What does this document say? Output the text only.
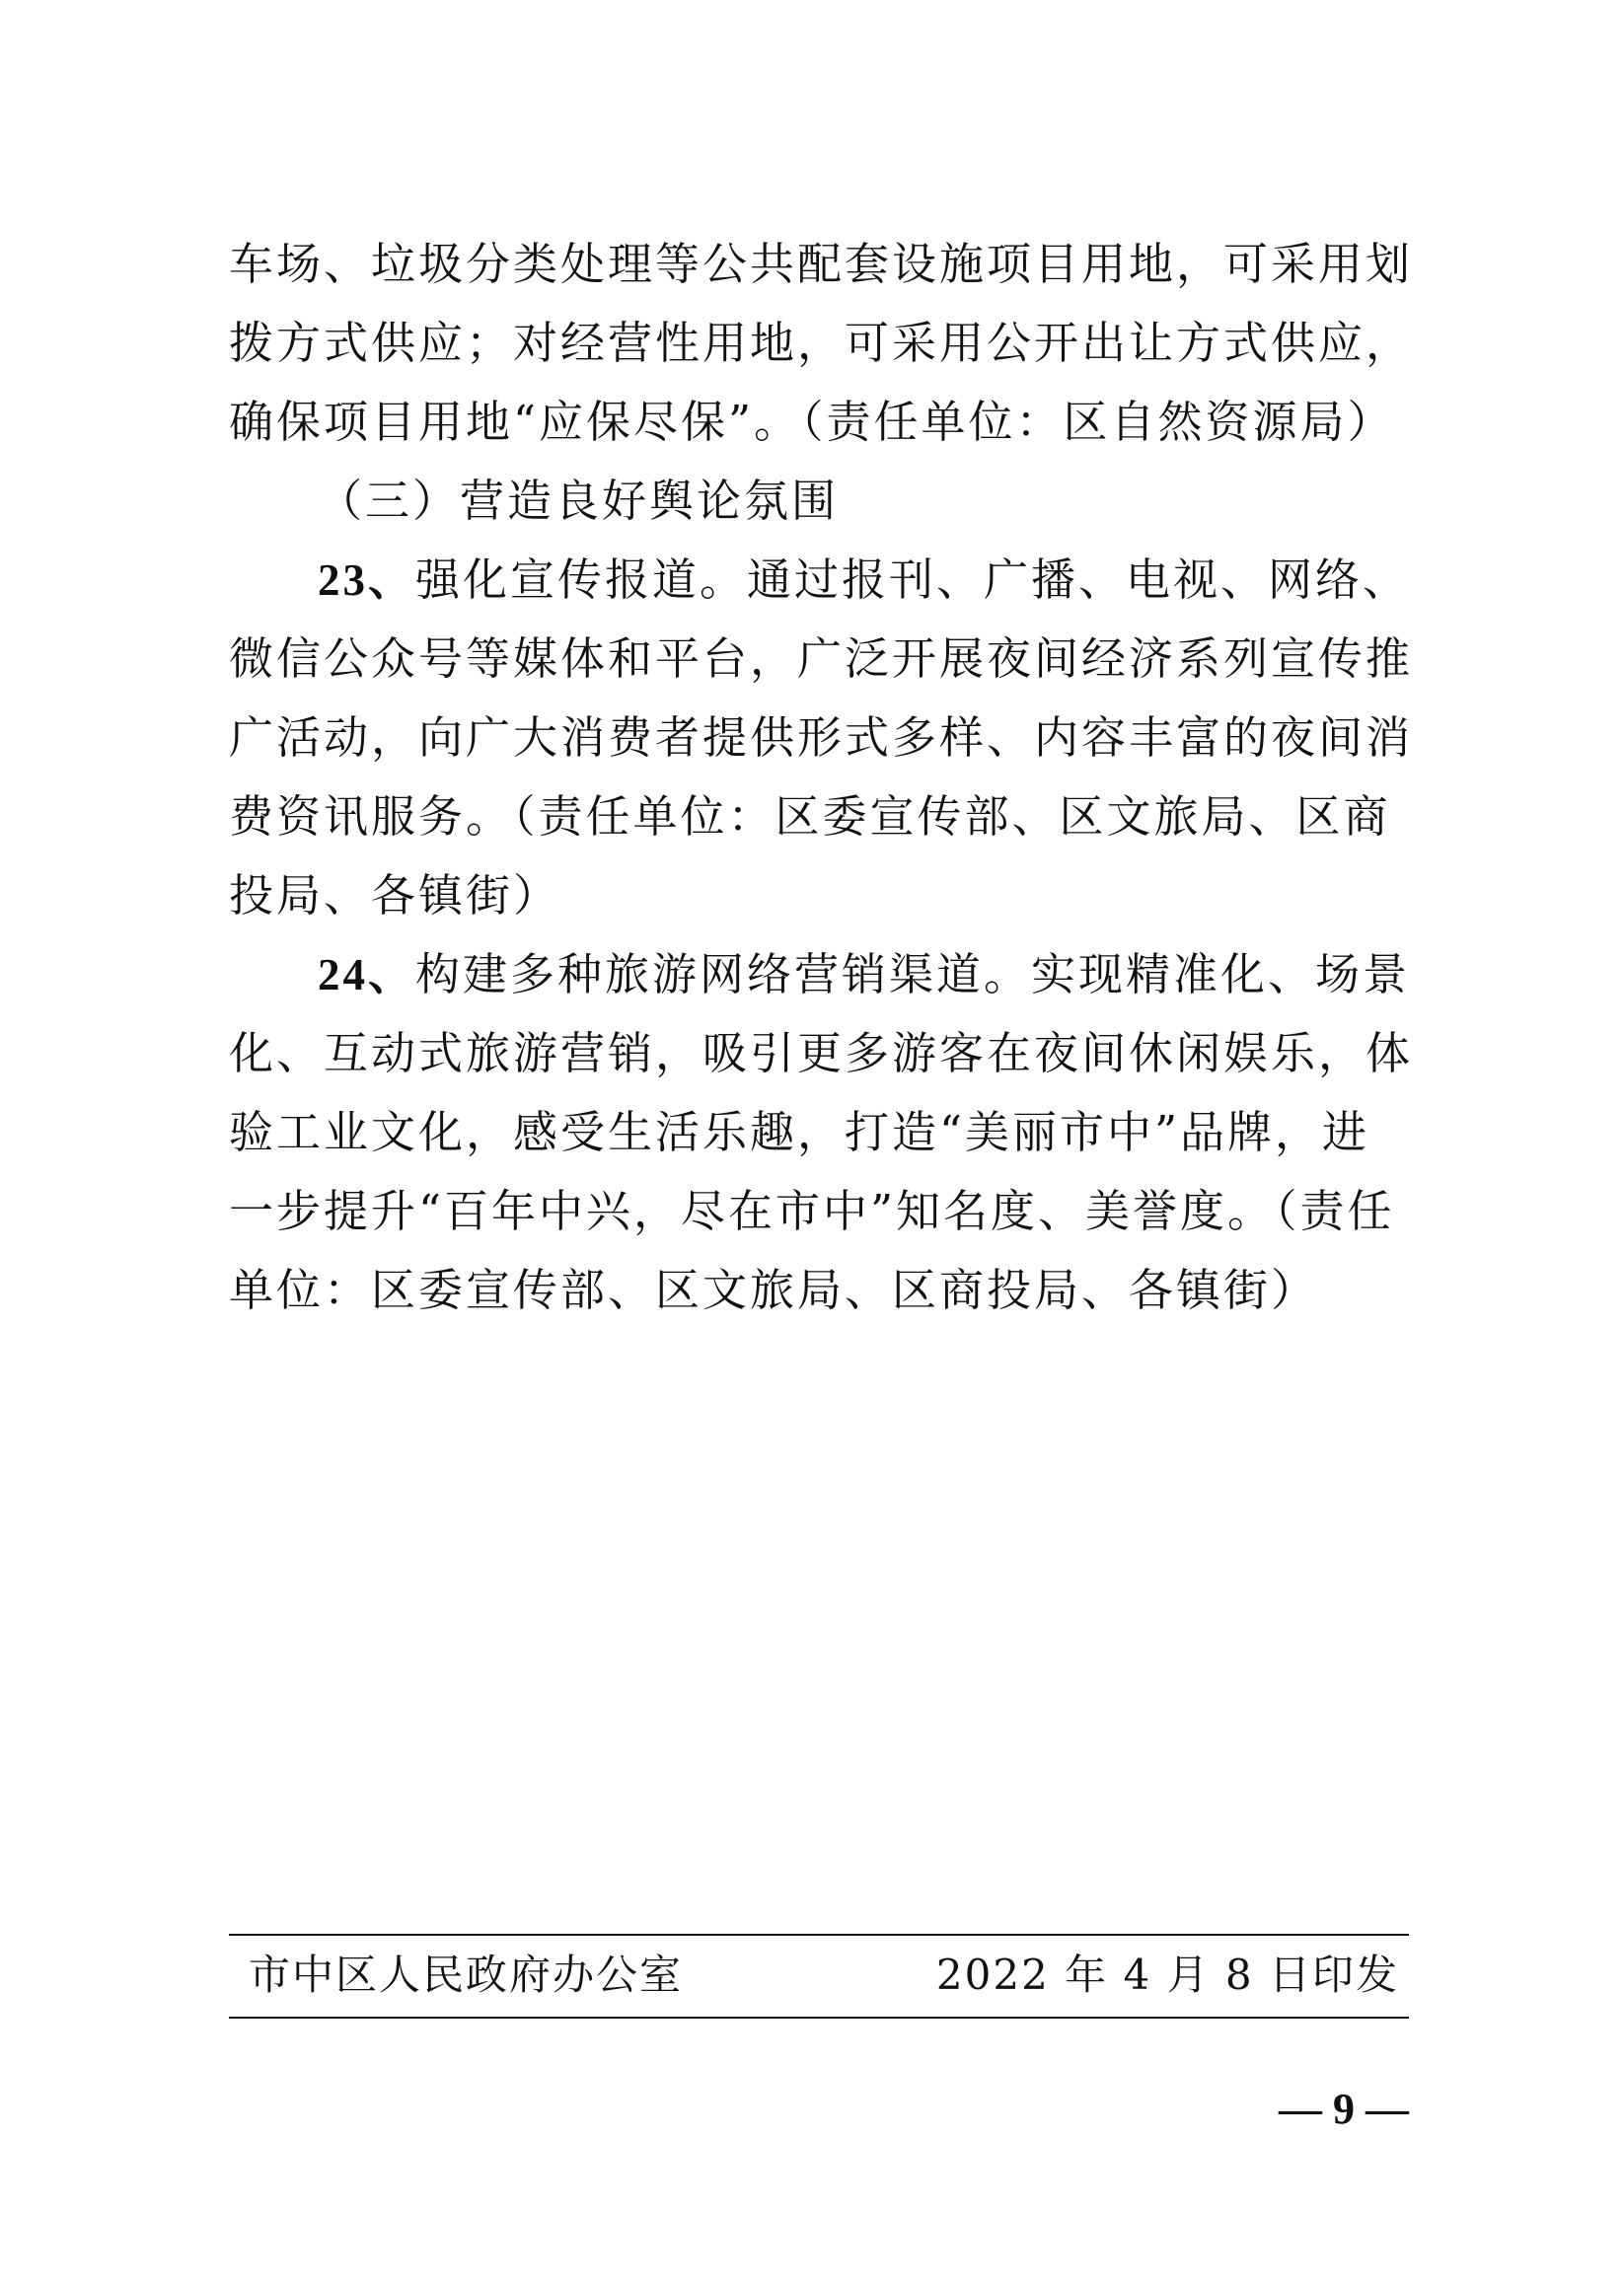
车场、垃圾分类处理等公共配套设施项目用地，可采用划拨方式供应；对经营性用地，可采用公开出让方式供应，确保项目用地“应保尽保”。（责任单位：区自然资源局）

（三）营造良好舆论氛围

23、强化宣传报道。通过报刊、广播、电视、网络、微信公众号等媒体和平台，广泛开展夜间经济系列宣传推广活动，向广大消费者提供形式多样、内容丰富的夜间消费资讯服务。（责任单位：区委宣传部、区文旅局、区商投局、各镇街）

24、构建多种旅游网络营销渠道。实现精准化、场景化、互动式旅游营销，吸引更多游客在夜间休闲娱乐，体验工业文化，感受生活乐趣，打造“美丽市中”品牌，进一步提升“百年中兴，尽在市中”知名度、美誉度。（责任单位：区委宣传部、区文旅局、区商投局、各镇街）

市中区人民政府办公室	2022 年 4 月 8 日印发
— 9 —
